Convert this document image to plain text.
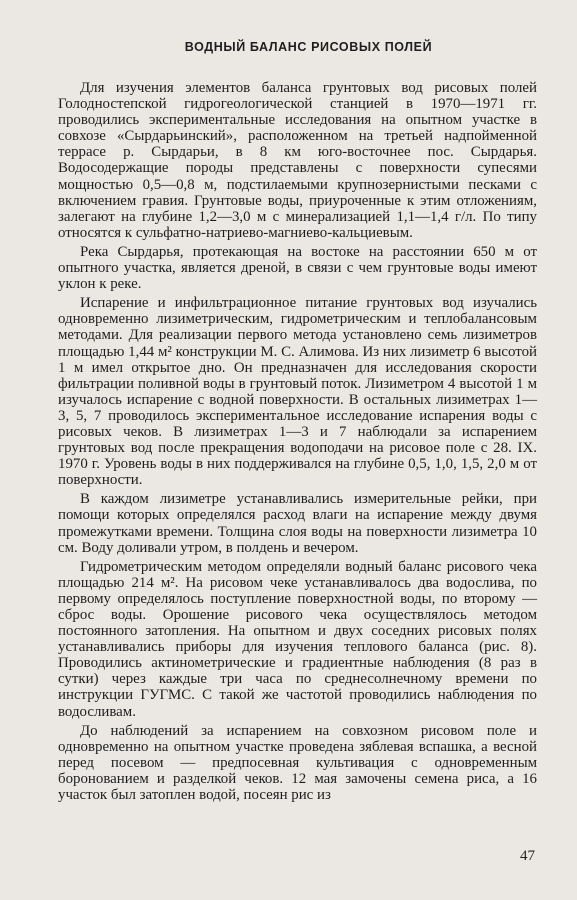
ВОДНЫЙ БАЛАНС РИСОВЫХ ПОЛЕЙ

Для изучения элементов баланса грунтовых вод рисовых полей Голодностепской гидрогеологической станцией в 1970—1971 гг. проводились экспериментальные исследования на опытном участке в совхозе «Сырдарьинский», расположенном на третьей надпойменной террасе р. Сырдарьи, в 8 км юго-восточнее пос. Сырдарья. Водосодержащие породы представлены с поверхности супесями мощностью 0,5—0,8 м, подстилаемыми крупнозернистыми песками с включением гравия. Грунтовые воды, приуроченные к этим отложениям, залегают на глубине 1,2—3,0 м с минерализацией 1,1—1,4 г/л. По типу относятся к сульфатно-натриево-магниево-кальциевым.

Река Сырдарья, протекающая на востоке на расстоянии 650 м от опытного участка, является дреной, в связи с чем грунтовые воды имеют уклон к реке.

Испарение и инфильтрационное питание грунтовых вод изучались одновременно лизиметрическим, гидрометрическим и теплобалансовым методами. Для реализации первого метода установлено семь лизиметров площадью 1,44 м² конструкции М. С. Алимова. Из них лизиметр 6 высотой 1 м имел открытое дно. Он предназначен для исследования скорости фильтрации поливной воды в грунтовый поток. Лизиметром 4 высотой 1 м изучалось испарение с водной поверхности. В остальных лизиметрах 1—3, 5, 7 проводилось экспериментальное исследование испарения воды с рисовых чеков. В лизиметрах 1—3 и 7 наблюдали за испарением грунтовых вод после прекращения водоподачи на рисовое поле с 28. IX. 1970 г. Уровень воды в них поддерживался на глубине 0,5, 1,0, 1,5, 2,0 м от поверхности.

В каждом лизиметре устанавливались измерительные рейки, при помощи которых определялся расход влаги на испарение между двумя промежутками времени. Толщина слоя воды на поверхности лизиметра 10 см. Воду доливали утром, в полдень и вечером.

Гидрометрическим методом определяли водный баланс рисового чека площадью 214 м². На рисовом чеке устанавливалось два водослива, по первому определялось поступление поверхностной воды, по второму — сброс воды. Орошение рисового чека осуществлялось методом постоянного затопления. На опытном и двух соседних рисовых полях устанавливались приборы для изучения теплового баланса (рис. 8). Проводились актинометрические и градиентные наблюдения (8 раз в сутки) через каждые три часа по среднесолнечному времени по инструкции ГУГМС. С такой же частотой проводились наблюдения по водосливам.

До наблюдений за испарением на совхозном рисовом поле и одновременно на опытном участке проведена зяблевая вспашка, а весной перед посевом — предпосевная культивация с одновременным боронованием и разделкой чеков. 12 мая замочены семена риса, а 16 участок был затоплен водой, посеян рис из

47
